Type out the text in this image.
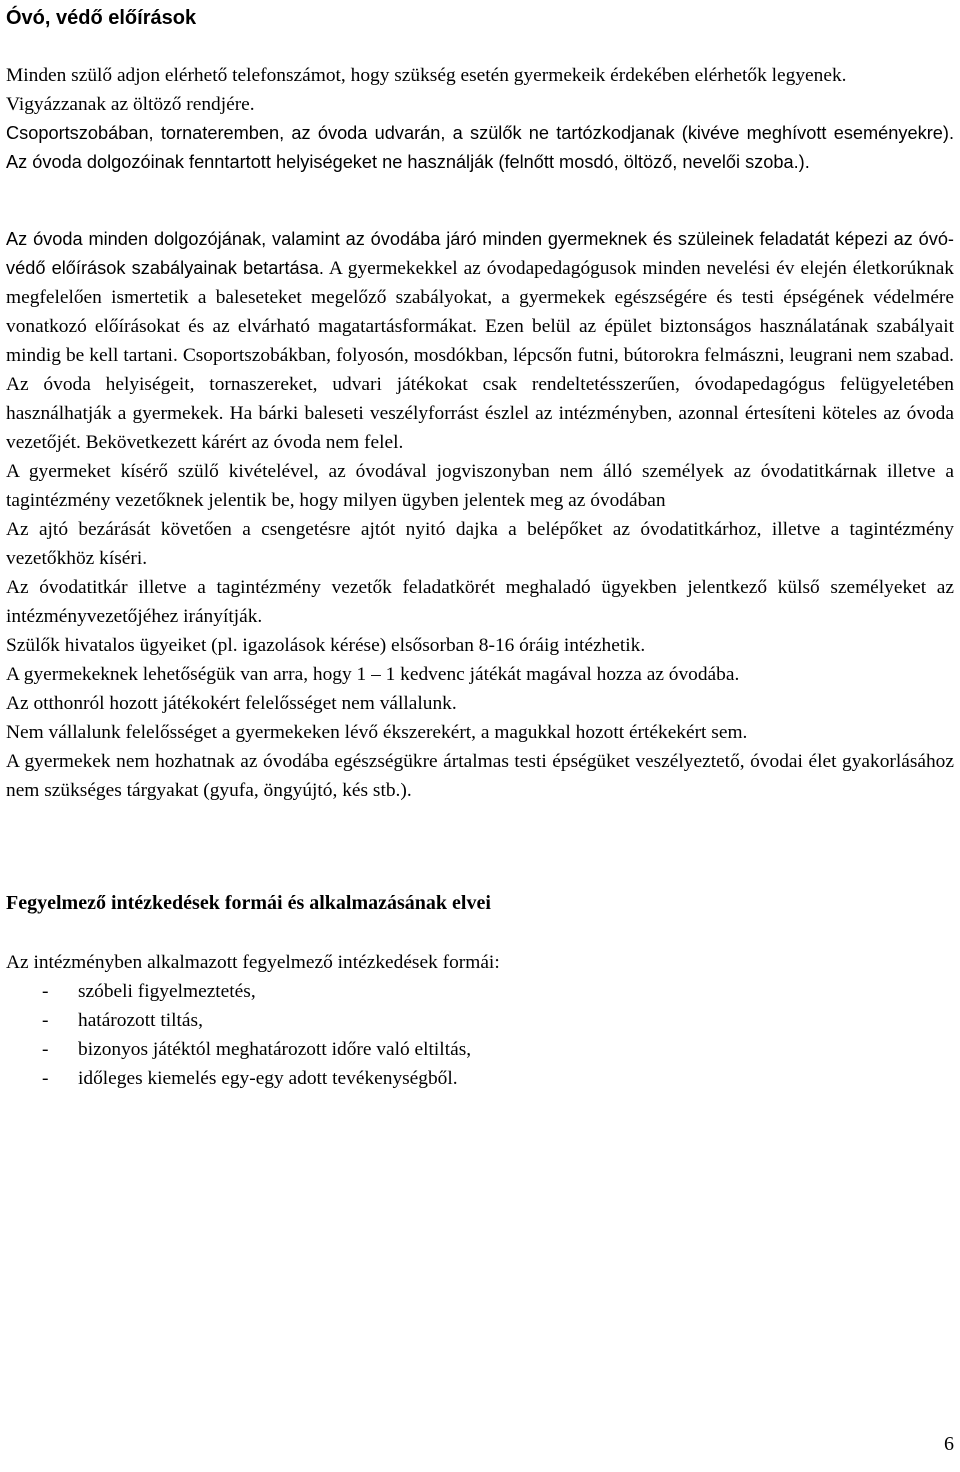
Óvó, védő előírások

Minden szülő adjon elérhető telefonszámot, hogy szükség esetén gyermekeik érdekében elérhetők legyenek.

Vigyázzanak az öltöző rendjére.

Csoportszobában, tornateremben, az óvoda udvarán, a szülők ne tartózkodjanak (kivéve meghívott eseményekre). Az óvoda dolgozóinak fenntartott helyiségeket ne használják (felnőtt mosdó, öltöző, nevelői szoba.).

Az óvoda minden dolgozójának, valamint az óvodába járó minden gyermeknek és szüleinek feladatát képezi az óvó-védő előírások szabályainak betartása. A gyermekekkel az óvodapedagógusok minden nevelési év elején életkorúknak megfelelően ismertetik a baleseteket megelőző szabályokat, a gyermekek egészségére és testi épségének védelmére vonatkozó előírásokat és az elvárható magatartásformákat. Ezen belül az épület biztonságos használatának szabályait mindig be kell tartani. Csoportszobákban, folyosón, mosdókban, lépcsőn futni, bútorokra felmászni, leugrani nem szabad. Az óvoda helyiségeit, tornaszereket, udvari játékokat csak rendeltetésszerűen, óvodapedagógus felügyeletében használhatják a gyermekek. Ha bárki baleseti veszélyforrást észlel az intézményben, azonnal értesíteni köteles az óvoda vezetőjét. Bekövetkezett kárért az óvoda nem felel.

A gyermeket kísérő szülő kivételével, az óvodával jogviszonyban nem álló személyek az óvodatitkárnak illetve a tagintézmény vezetőknek jelentik be, hogy milyen ügyben jelentek meg az óvodában

Az ajtó bezárását követően a csengetésre ajtót nyitó dajka a belépőket az óvodatitkárhoz, illetve a tagintézmény vezetőkhöz kíséri.

Az óvodatitkár illetve a tagintézmény vezetők feladatkörét meghaladó ügyekben jelentkező külső személyeket az intézményvezetőjéhez irányítják.

Szülők hivatalos ügyeiket (pl. igazolások kérése) elsősorban 8-16 óráig intézhetik.

A gyermekeknek lehetőségük van arra, hogy 1 – 1 kedvenc játékát magával hozza az óvodába.

Az otthonról hozott játékokért felelősséget nem vállalunk.

Nem vállalunk felelősséget a gyermekeken lévő ékszerekért, a magukkal hozott értékekért sem.

A gyermekek nem hozhatnak az óvodába egészségükre ártalmas testi épségüket veszélyeztető, óvodai élet gyakorlásához nem szükséges tárgyakat (gyufa, öngyújtó, kés stb.).

Fegyelmező intézkedések formái és alkalmazásának elvei

Az intézményben alkalmazott fegyelmező intézkedések formái:

- szóbeli figyelmeztetés,
- határozott tiltás,
- bizonyos játéktól meghatározott időre való eltiltás,
- időleges kiemelés egy-egy adott tevékenységből.
6
